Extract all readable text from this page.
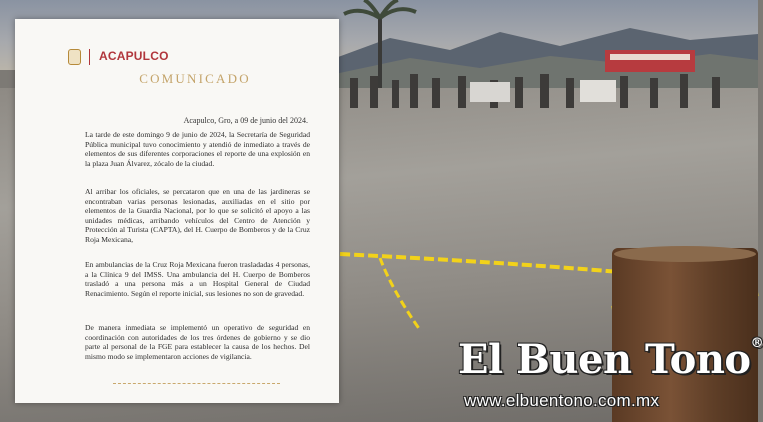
ACAPULCO
COMUNICADO
Acapulco, Gro, a 09 de junio del 2024.
La tarde de este domingo 9 de junio de 2024, la Secretaría de Seguridad Pública municipal tuvo conocimiento y atendió de inmediato a través de elementos de sus diferentes corporaciones el reporte de una explosión en la plaza Juan Álvarez, zócalo de la ciudad.
Al arribar los oficiales, se percataron que en una de las jardineras se encontraban varias personas lesionadas, auxiliadas en el sitio por elementos de la Guardia Nacional, por lo que se solicitó el apoyo a las unidades médicas, arribando vehículos del Centro de Atención y Protección al Turista (CAPTA), del H. Cuerpo de Bomberos y de la Cruz Roja Mexicana,
En ambulancias de la Cruz Roja Mexicana fueron trasladadas 4 personas, a la Clínica 9 del IMSS. Una ambulancia del H. Cuerpo de Bomberos trasladó a una persona más a un Hospital General de Ciudad Renacimiento. Según el reporte inicial, sus lesiones no son de gravedad.
De manera inmediata se implementó un operativo de seguridad en coordinación con autoridades de los tres órdenes de gobierno y se dio parte al personal de la FGE para establecer la causa de los hechos. Del mismo modo se implementaron acciones de vigilancia.	El Buen Tono®
www.elbuentono.com.mx
